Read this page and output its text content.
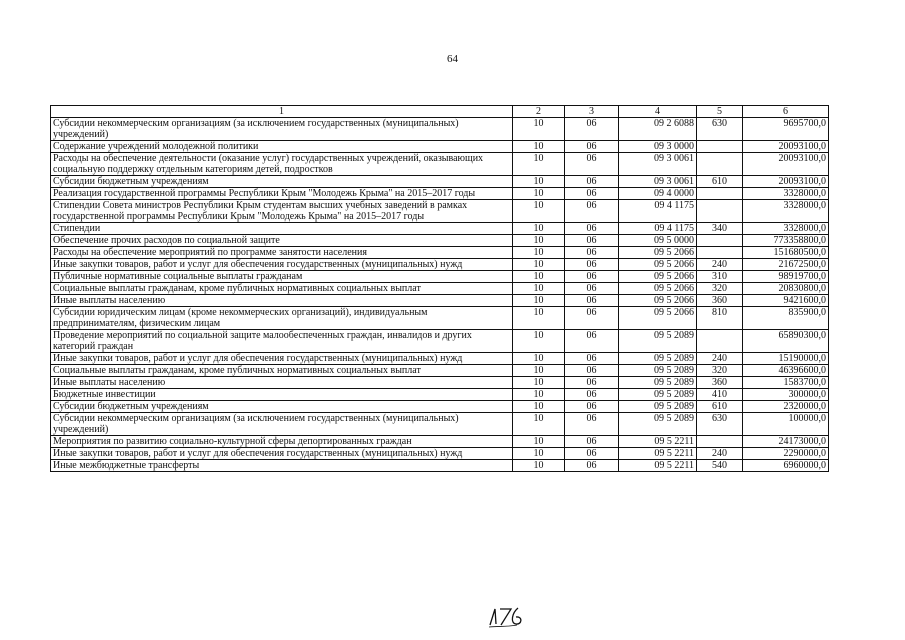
64
1	2	3	4	5	6
Субсидии некоммерческим организациям (за исключением государственных (муниципальных) учреждений)	10	06	09 2 6088	630	9695700,0
Содержание учреждений молодежной политики	10	06	09 3 0000		20093100,0
Расходы на обеспечение деятельности (оказание услуг) государственных учреждений, оказывающих социальную поддержку отдельным категориям детей, подростков	10	06	09 3 0061		20093100,0
Субсидии бюджетным учреждениям	10	06	09 3 0061	610	20093100,0
Реализация государственной программы Республики Крым "Молодежь Крыма" на 2015–2017 годы	10	06	09 4 0000		3328000,0
Стипендии Совета министров Республики Крым студентам высших учебных заведений в рамках государственной программы Республики Крым "Молодежь Крыма" на 2015–2017 годы	10	06	09 4 1175		3328000,0
Стипендии	10	06	09 4 1175	340	3328000,0
Обеспечение прочих расходов по социальной защите	10	06	09 5 0000		773358800,0
Расходы на обеспечение мероприятий по программе занятости населения	10	06	09 5 2066		151680500,0
Иные закупки товаров, работ и услуг для обеспечения государственных (муниципальных) нужд	10	06	09 5 2066	240	21672500,0
Публичные нормативные социальные выплаты гражданам	10	06	09 5 2066	310	98919700,0
Социальные выплаты гражданам, кроме публичных нормативных социальных выплат	10	06	09 5 2066	320	20830800,0
Иные выплаты населению	10	06	09 5 2066	360	9421600,0
Субсидии юридическим лицам (кроме некоммерческих организаций), индивидуальным предпринимателям, физическим лицам	10	06	09 5 2066	810	835900,0
Проведение мероприятий по социальной защите малообеспеченных граждан, инвалидов и других категорий граждан	10	06	09 5 2089		65890300,0
Иные закупки товаров, работ и услуг для обеспечения государственных (муниципальных) нужд	10	06	09 5 2089	240	15190000,0
Социальные выплаты гражданам, кроме публичных нормативных социальных выплат	10	06	09 5 2089	320	46396600,0
Иные выплаты населению	10	06	09 5 2089	360	1583700,0
Бюджетные инвестиции	10	06	09 5 2089	410	300000,0
Субсидии бюджетным учреждениям	10	06	09 5 2089	610	2320000,0
Субсидии некоммерческим организациям (за исключением государственных (муниципальных) учреждений)	10	06	09 5 2089	630	100000,0
Мероприятия по развитию социально-культурной сферы депортированных граждан	10	06	09 5 2211		24173000,0
Иные закупки товаров, работ и услуг для обеспечения государственных (муниципальных) нужд	10	06	09 5 2211	240	2290000,0
Иные межбюджетные трансферты	10	06	09 5 2211	540	6960000,0
